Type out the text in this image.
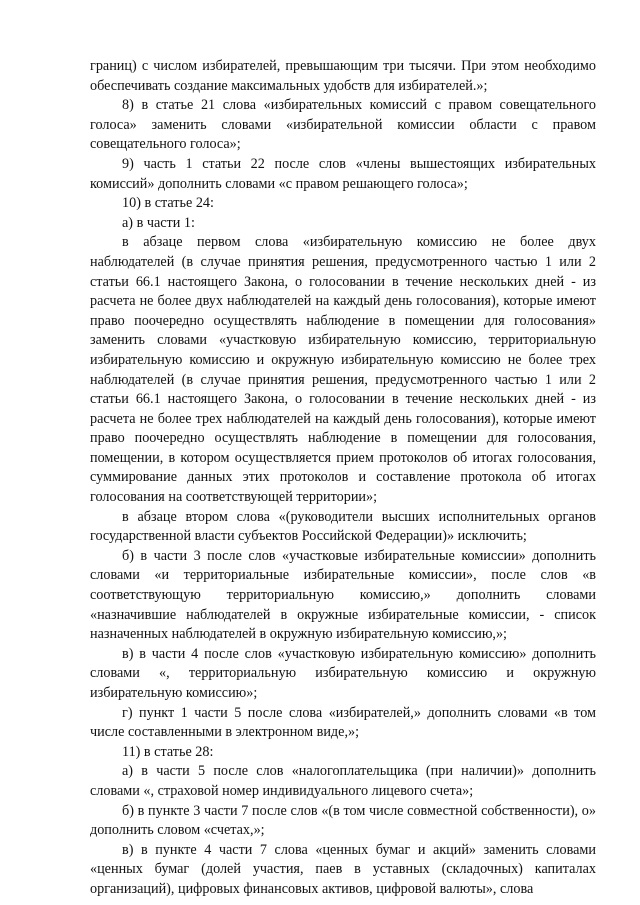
границ) с числом избирателей, превышающим три тысячи. При этом необходимо обеспечивать создание максимальных удобств для избирателей.»;

8) в статье 21 слова «избирательных комиссий с правом совещательного голоса» заменить словами «избирательной комиссии области с правом совещательного голоса»;

9) часть 1 статьи 22 после слов «члены вышестоящих избирательных комиссий» дополнить словами «с правом решающего голоса»;

10) в статье 24:

а) в части 1:

в абзаце первом слова «избирательную комиссию не более двух наблюдателей (в случае принятия решения, предусмотренного частью 1 или 2 статьи 66.1 настоящего Закона, о голосовании в течение нескольких дней - из расчета не более двух наблюдателей на каждый день голосования), которые имеют право поочередно осуществлять наблюдение в помещении для голосования» заменить словами «участковую избирательную комиссию, территориальную избирательную комиссию и окружную избирательную комиссию не более трех наблюдателей (в случае принятия решения, предусмотренного частью 1 или 2 статьи 66.1 настоящего Закона, о голосовании в течение нескольких дней - из расчета не более трех наблюдателей на каждый день голосования), которые имеют право поочередно осуществлять наблюдение в помещении для голосования, помещении, в котором осуществляется прием протоколов об итогах голосования, суммирование данных этих протоколов и составление протокола об итогах голосования на соответствующей территории»;

в абзаце втором слова «(руководители высших исполнительных органов государственной власти субъектов Российской Федерации)» исключить;

б) в части 3 после слов «участковые избирательные комиссии» дополнить словами «и территориальные избирательные комиссии», после слов «в соответствующую территориальную комиссию,» дополнить словами «назначившие наблюдателей в окружные избирательные комиссии, - список назначенных наблюдателей в окружную избирательную комиссию,»;

в) в части 4 после слов «участковую избирательную комиссию» дополнить словами «, территориальную избирательную комиссию и окружную избирательную комиссию»;

г) пункт 1 части 5 после слова «избирателей,» дополнить словами «в том числе составленными в электронном виде,»;

11) в статье 28:

а) в части 5 после слов «налогоплательщика (при наличии)» дополнить словами «, страховой номер индивидуального лицевого счета»;

б) в пункте 3 части 7 после слов «(в том числе совместной собственности), о» дополнить словом «счетах,»;

в) в пункте 4 части 7 слова «ценных бумаг и акций» заменить словами «ценных бумаг (долей участия, паев в уставных (складочных) капиталах организаций), цифровых финансовых активов, цифровой валюты», слова
